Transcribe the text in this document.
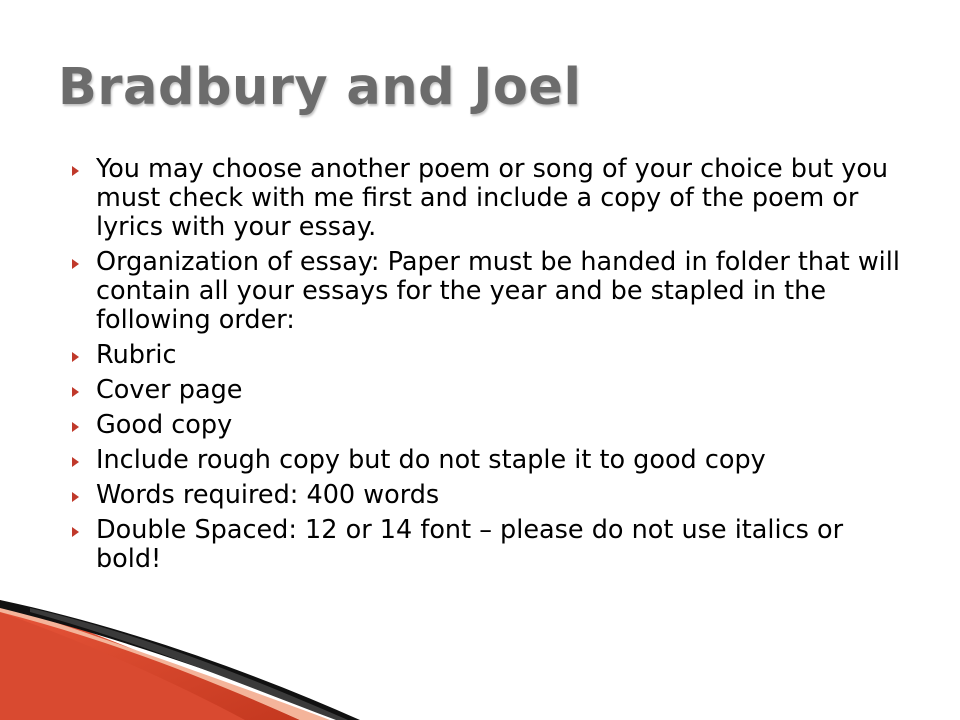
Bradbury and Joel
You may choose another poem or song of your choice but you must check with me first and include a copy of the poem or lyrics with your essay.
Organization of essay: Paper must be handed in folder that will contain all your essays for the year and be stapled in the following order:
Rubric
Cover page
Good copy
Include rough copy but do not staple it to good copy
Words required: 400 words
Double Spaced: 12 or 14 font – please do not use italics or bold!
